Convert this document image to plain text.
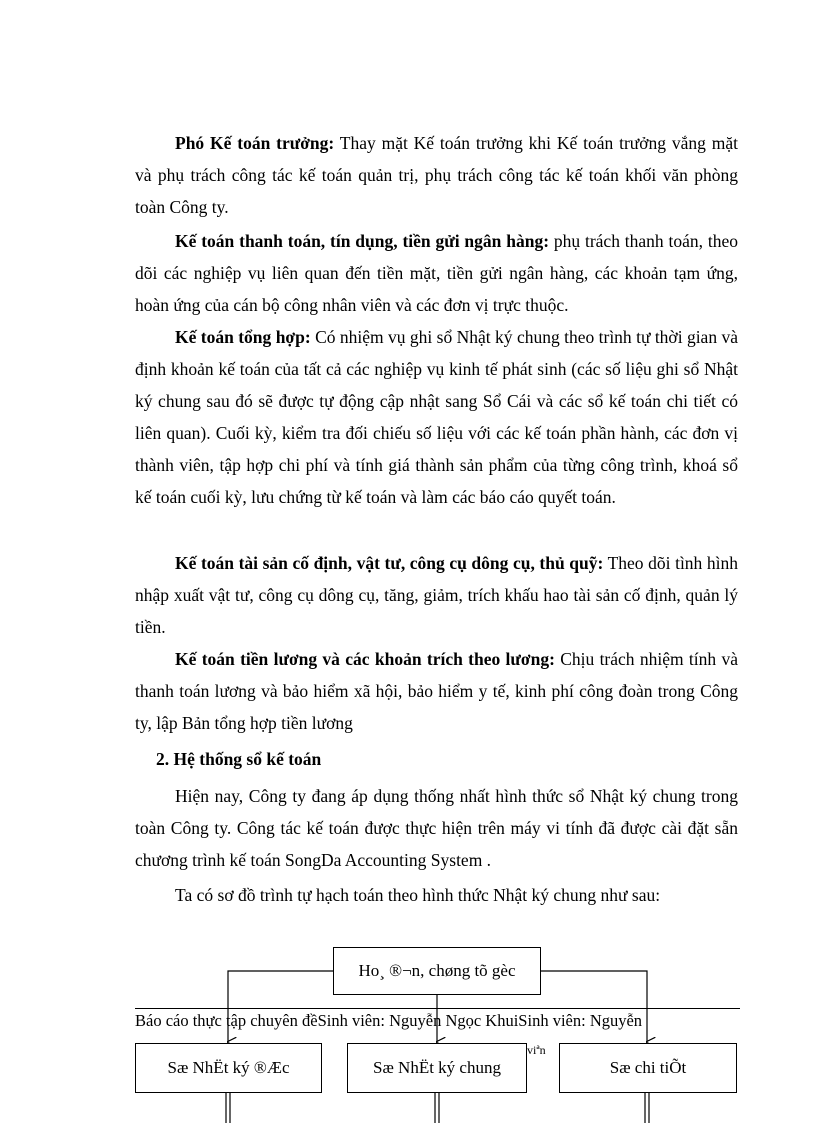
Phó Kế toán trưởng: Thay mặt Kế toán trưởng khi Kế toán trưởng vắng mặt và phụ trách công tác kế toán quản trị, phụ trách công tác kế toán khối văn phòng toàn Công ty.
Kế toán thanh toán, tín dụng, tiền gửi ngân hàng: phụ trách thanh toán, theo dõi các nghiệp vụ liên quan đến tiền mặt, tiền gửi ngân hàng, các khoản tạm ứng, hoàn ứng của cán bộ công nhân viên và các đơn vị trực thuộc.
Kế toán tổng hợp: Có nhiệm vụ ghi sổ Nhật ký chung theo trình tự thời gian và định khoản kế toán của tất cả các nghiệp vụ kinh tế phát sinh (các số liệu ghi sổ Nhật ký chung sau đó sẽ được tự động cập nhật sang Sổ Cái và các sổ kế toán chi tiết có liên quan). Cuối kỳ, kiểm tra đối chiếu số liệu với các kế toán phần hành, các đơn vị thành viên, tập hợp chi phí và tính giá thành sản phẩm của từng công trình, khoá sổ kế toán cuối kỳ, lưu chứng từ kế toán và làm các báo cáo quyết toán.
Kế toán tài sản cố định, vật tư, công cụ dông cụ, thủ quỹ: Theo dõi tình hình nhập xuất vật tư, công cụ dông cụ, tăng, giảm, trích khấu hao tài sản cố định, quản lý tiền.
Kế toán tiền lương và các khoản trích theo lương: Chịu trách nhiệm tính và thanh toán lương và bảo hiểm xã hội, bảo hiểm y tế, kinh phí công đoàn trong Công ty, lập Bản tổng hợp tiền lương
2. Hệ thống sổ kế toán
Hiện nay, Công ty đang áp dụng thống nhất hình thức sổ Nhật ký chung trong toàn Công ty. Công tác kế toán được thực hiện trên máy vi tính đã được cài đặt sẵn chương trình kế toán SongDa Accounting System .
Ta có sơ đồ trình tự hạch toán theo hình thức Nhật ký chung như sau:
Ho¸ ®¬n, chøng tõ gèc
Báo cáo thực tập chuyên đềSinh viên: Nguyễn Ngọc KhuiSinh viên: Nguyễn
viªn
Sæ NhËt ký ®Æc	Sæ NhËt ký chung	Sæ chi tiÕt
